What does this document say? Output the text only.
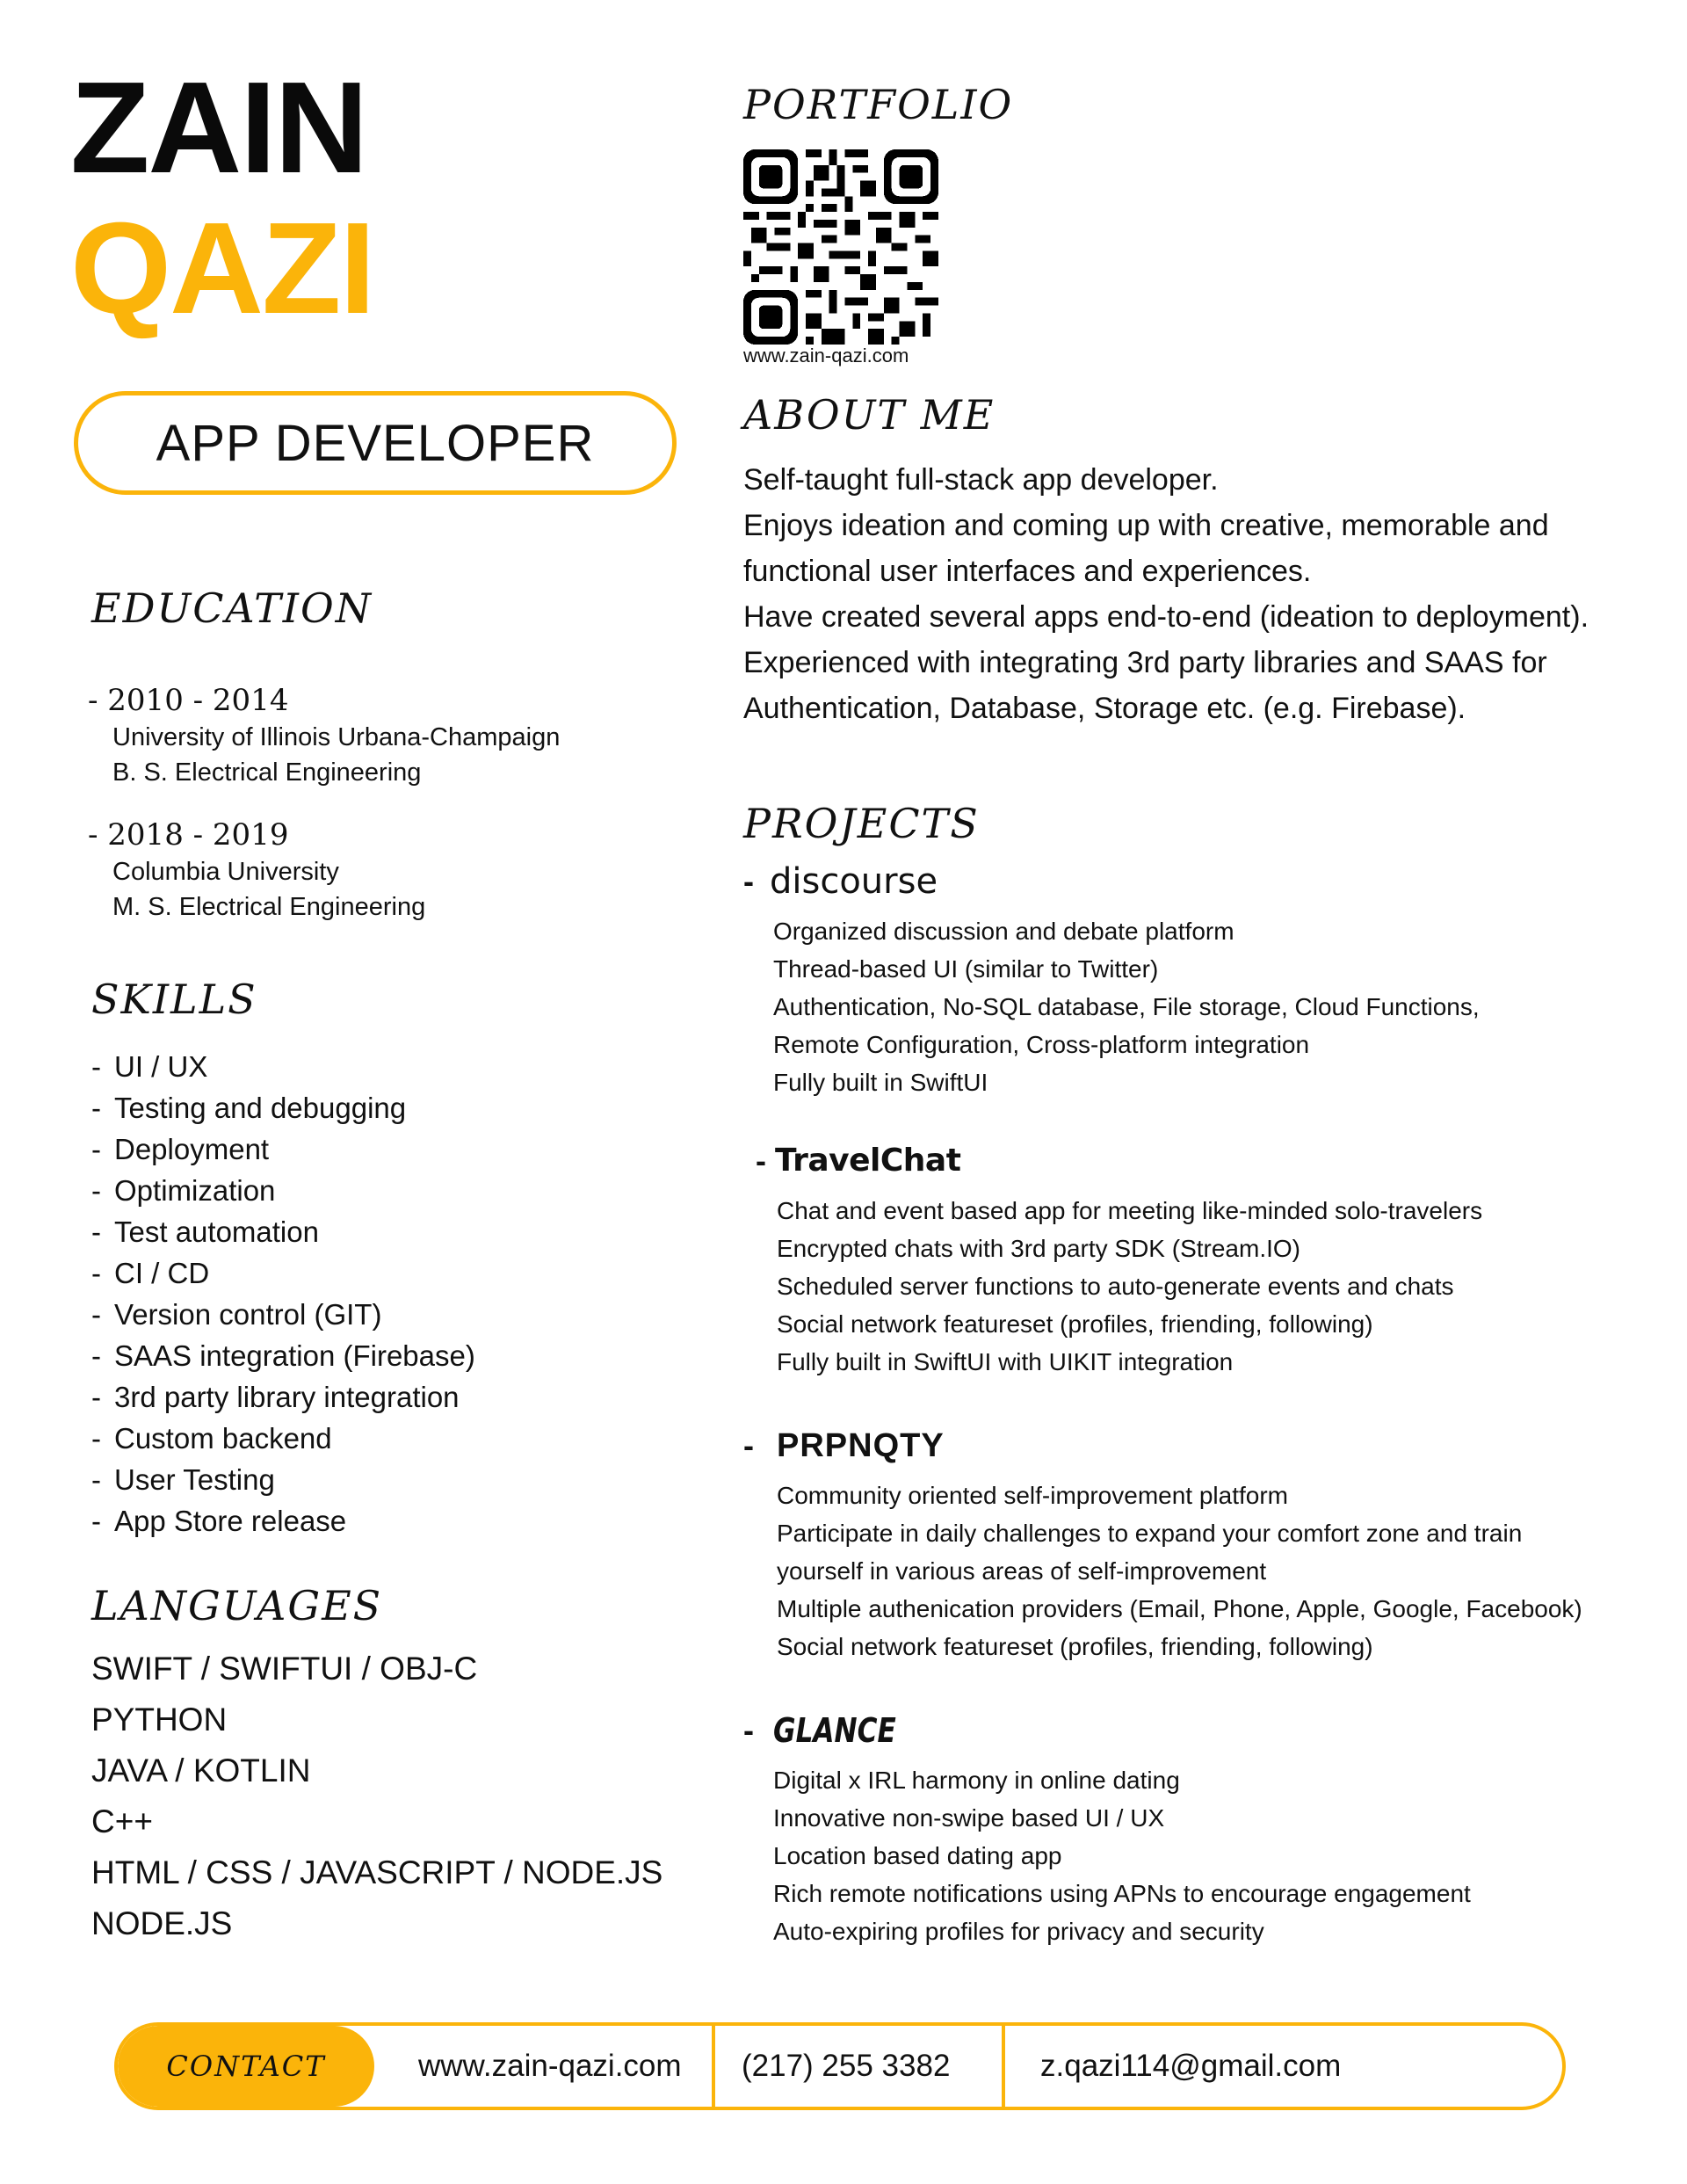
ZAIN
QAZI
APP DEVELOPER
EDUCATION
- 2010 - 2014
University of Illinois Urbana-Champaign
B. S. Electrical Engineering
- 2018 - 2019
Columbia University
M. S. Electrical Engineering
SKILLS
- UI / UX
- Testing and debugging
- Deployment
- Optimization
- Test automation
- CI / CD
- Version control (GIT)
- SAAS integration (Firebase)
- 3rd party library integration
- Custom backend
- User Testing
- App Store release
LANGUAGES
SWIFT / SWIFTUI / OBJ-C
PYTHON
JAVA / KOTLIN
C++
HTML / CSS / JAVASCRIPT / NODE.JS
NODE.JS
PORTFOLIO
www.zain-qazi.com
ABOUT ME
Self-taught full-stack app developer.
Enjoys ideation and coming up with creative, memorable and
functional user interfaces and experiences.
Have created several apps end-to-end (ideation to deployment).
Experienced with integrating 3rd party libraries and SAAS for
Authentication, Database, Storage etc. (e.g. Firebase).
PROJECTS
- discourse
Organized discussion and debate platform
Thread-based UI (similar to Twitter)
Authentication, No-SQL database, File storage, Cloud Functions,
Remote Configuration, Cross-platform integration
Fully built in SwiftUI
- TravelChat
Chat and event based app for meeting like-minded solo-travelers
Encrypted chats with 3rd party SDK (Stream.IO)
Scheduled server functions to auto-generate events and chats
Social network featureset (profiles, friending, following)
Fully built in SwiftUI with UIKIT integration
- PRPNQTY
Community oriented self-improvement platform
Participate in daily challenges to expand your comfort zone and train
yourself in various areas of self-improvement
Multiple authenication providers (Email, Phone, Apple, Google, Facebook)
Social network featureset (profiles, friending, following)
- GLANCE
Digital x IRL harmony in online dating
Innovative non-swipe based UI / UX
Location based dating app
Rich remote notifications using APNs to encourage engagement
Auto-expiring profiles for privacy and security
CONTACT	www.zain-qazi.com	(217) 255 3382	z.qazi114@gmail.com
